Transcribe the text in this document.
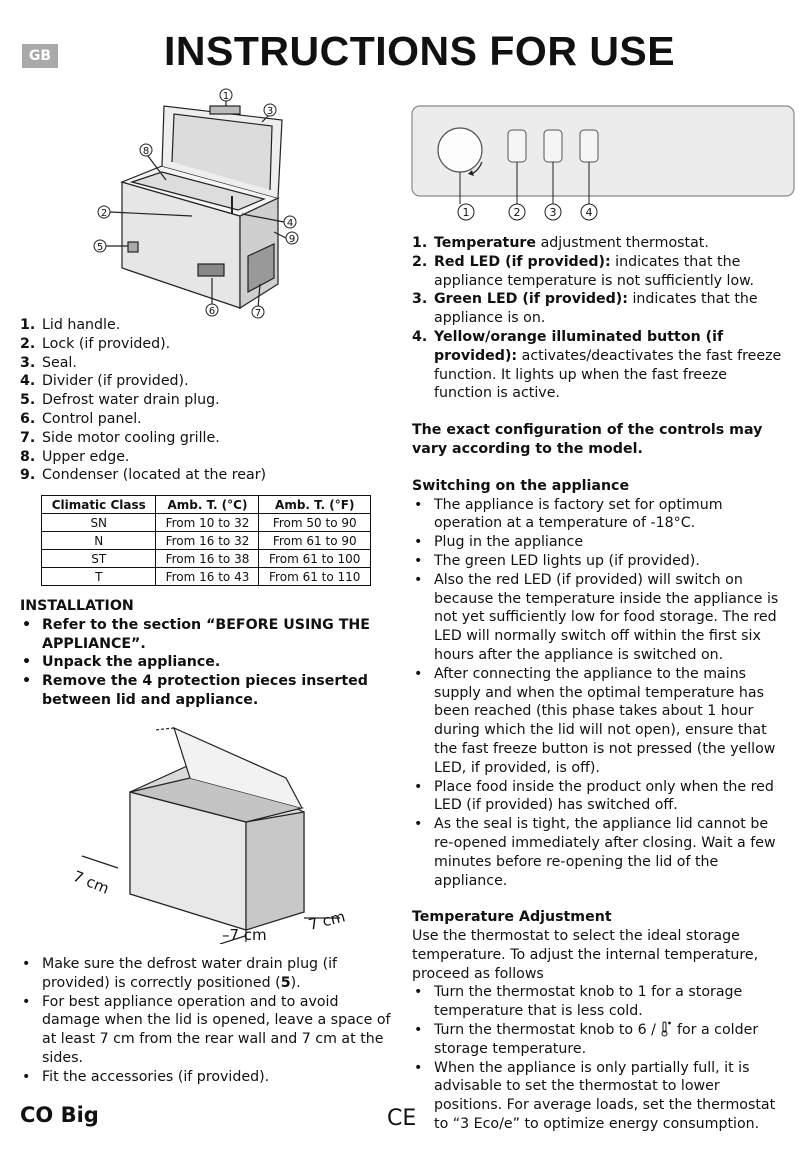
GB	INSTRUCTIONS FOR USE
1
3
8
2
4
9
5
6	7
1. Lid handle.
2. Lock (if provided).
3. Seal.
4. Divider (if provided).
5. Defrost water drain plug.
6. Control panel.
7. Side motor cooling grille.
8. Upper edge.
9. Condenser (located at the rear)
Climatic Class	Amb. T. (°C)	Amb. T. (°F)
SN	From 10 to 32	From 50 to 90
N	From 16 to 32	From 61 to 90
ST	From 16 to 38	From 61 to 100
T	From 16 to 43	From 61 to 110
INSTALLATION
• Refer to the section “BEFORE USING THE APPLIANCE”.
• Unpack the appliance.
• Remove the 4 protection pieces inserted between lid and appliance.
7 cm
7 cm
–7 cm
• Make sure the defrost water drain plug (if provided) is correctly positioned (5).
• For best appliance operation and to avoid damage when the lid is opened, leave a space of at least 7 cm from the rear wall and 7 cm at the sides.
• Fit the accessories (if provided).
1	2	3	4
1. Temperature adjustment thermostat.
2. Red LED (if provided): indicates that the appliance temperature is not sufficiently low.
3. Green LED (if provided): indicates that the appliance is on.
4. Yellow/orange illuminated button (if provided): activates/deactivates the fast freeze function. It lights up when the fast freeze function is active.
The exact configuration of the controls may vary according to the model.
Switching on the appliance
• The appliance is factory set for optimum operation at a temperature of -18°C.
• Plug in the appliance
• The green LED lights up (if provided).
• Also the red LED (if provided) will switch on because the temperature inside the appliance is not yet sufficiently low for food storage. The red LED will normally switch off within the first six hours after the appliance is switched on.
• After connecting the appliance to the mains supply and when the optimal temperature has been reached (this phase takes about 1 hour during which the lid will not open), ensure that the fast freeze button is not pressed (the yellow LED, if provided, is off).
• Place food inside the product only when the red LED (if provided) has switched off.
• As the seal is tight, the appliance lid cannot be re-opened immediately after closing. Wait a few minutes before re-opening the lid of the appliance.
Temperature Adjustment
Use the thermostat to select the ideal storage temperature. To adjust the internal temperature, proceed as follows
• Turn the thermostat knob to 1 for a storage temperature that is less cold.
• Turn the thermostat knob to 6 /  for a colder storage temperature.
• When the appliance is only partially full, it is advisable to set the thermostat to lower positions. For average loads, set the thermostat to “3 Eco/e” to optimize energy consumption.
CO Big	CE
